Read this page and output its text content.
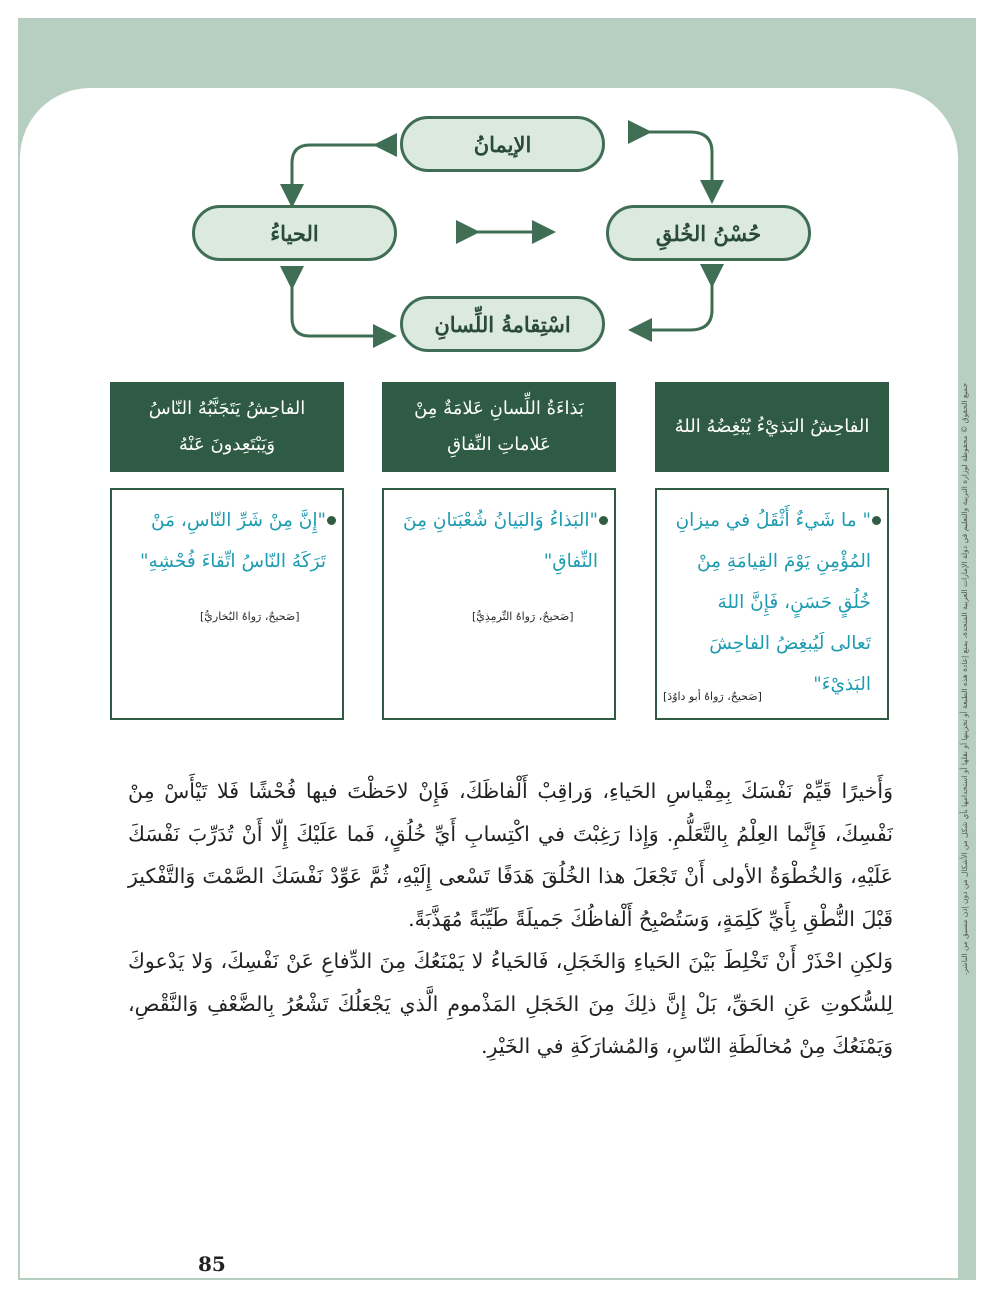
الإيمانُ
الحياءُ	حُسْنُ الخُلقِ
اسْتِقامةُ اللِّسانِ
الفاحِشُ البَذيْءُ يُبْغِضُهُ اللهُ
بَذاءَةُ اللِّسانِ عَلامَةٌ مِنْ عَلاماتِ النِّفاقِ
الفاحِشُ يَتَجَنَّبُهُ النّاسُ وَيَبْتَعِدونَ عَنْهُ
" ما شَيءٌ أَثْقَلُ في ميزانِ المُؤْمِنِ يَوْمَ القِيامَةِ مِنْ خُلُقٍ حَسَنٍ، فَإِنَّ اللهَ تَعالى لَيُبغِضُ الفاحِشَ البَذيْءَ"
[صَحيحٌ، رَواهُ أبو داوُدَ]
"البَذاءُ وَالبَيانُ شُعْبَتانِ مِنَ النِّفاقِ"
[صَحيحٌ، رَواهُ التِّرمِذِيُّ]
"إِنَّ مِنْ شَرِّ النّاسِ، مَنْ تَرَكَهُ النّاسُ اتِّقاءَ فُحْشِهِ"
[صَحيحٌ، رَواهُ البُخاريُّ]

وَأَخيرًا قَيِّمْ نَفْسَكَ بِمِقْياسِ الحَياءِ، وَراقِبْ أَلْفاظَكَ، فَإِنْ لاحَظْتَ فيها فُحْشًا فَلا تَيْأَسْ مِنْ نَفْسِكَ، فَإِنَّما العِلْمُ بِالتَّعَلُّمِ. وَإِذا رَغِبْتَ في اكْتِسابِ أَيِّ خُلُقٍ، فَما عَلَيْكَ إِلّا أَنْ تُدَرِّبَ نَفْسَكَ عَلَيْهِ، وَالخُطْوَةُ الأولى أَنْ تَجْعَلَ هذا الخُلُقَ هَدَفًا تَسْعى إِلَيْهِ، ثُمَّ عَوِّدْ نَفْسَكَ الصَّمْتَ وَالتَّفْكيرَ قَبْلَ النُّطْقِ بِأَيِّ كَلِمَةٍ، وَسَتُصْبِحُ أَلْفاظُكَ جَميلَةً طَيِّبَةً مُهَذَّبَةً.

وَلكِنِ احْذَرْ أَنْ تَخْلِطَ بَيْنَ الحَياءِ وَالخَجَلِ، فَالحَياءُ لا يَمْنَعُكَ مِنَ الدِّفاعِ عَنْ نَفْسِكَ، وَلا يَدْعوكَ لِلسُّكوتِ عَنِ الحَقِّ، بَلْ إِنَّ ذلِكَ مِنَ الخَجَلِ المَذْمومِ الَّذي يَجْعَلُكَ تَشْعُرُ بِالضَّعْفِ وَالنَّقْصِ، وَيَمْنَعُكَ مِنْ مُخالَطَةِ النّاسِ، وَالمُشارَكَةِ في الخَيْرِ.

85
جميع الحقوق © محفوظة لوزارة التربية والتعليم في دولة الإمارات العربية المتحدة، يمنع إعادة هذه الطبعة أو تخزينها أو نقلها أو استخدامها بأي شكل من الأشكال من دون إذن مسبق من الناشر.
